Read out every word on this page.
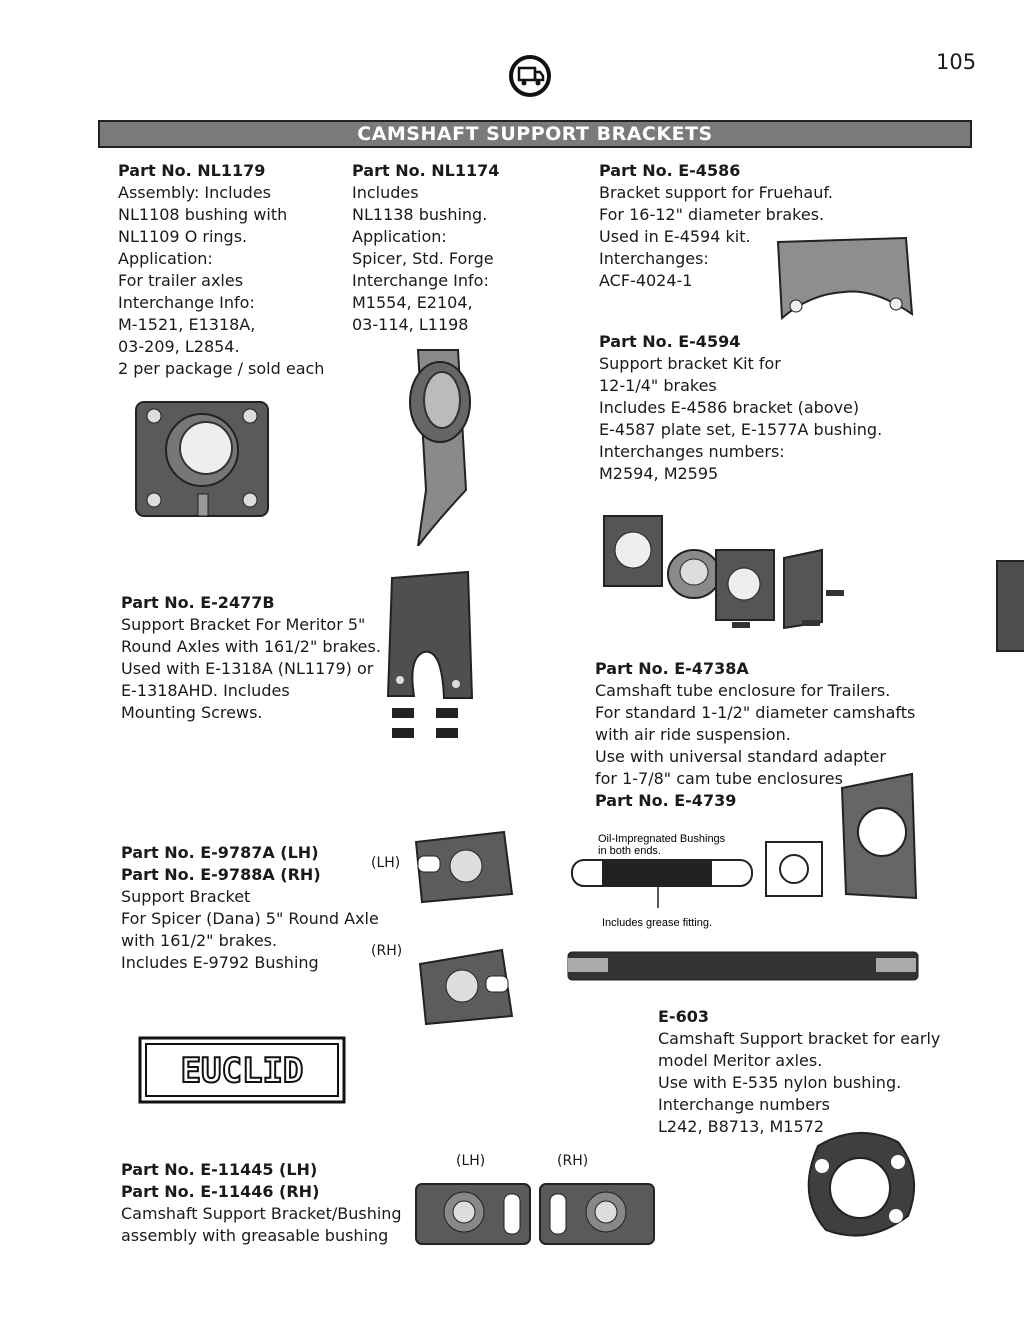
105
CAMSHAFT SUPPORT BRACKETS
Part No. NL1179
Assembly: Includes
NL1108 bushing with
NL1109 O rings.
Application:
For trailer axles
Interchange Info:
M-1521, E1318A,
03-209, L2854.
2 per package / sold each
Part No. NL1174
Includes
NL1138 bushing.
Application:
Spicer, Std. Forge
Interchange Info:
M1554, E2104,
03-114, L1198
Part No. E-4586
Bracket support for Fruehauf.
For 16-12" diameter brakes.
Used in E-4594 kit.
Interchanges:
ACF-4024-1
Part No. E-4594
Support bracket Kit for
12-1/4" brakes
Includes E-4586 bracket (above)
E-4587 plate set, E-1577A bushing.
Interchanges numbers:
M2594, M2595
Part No. E-2477B
Support Bracket For Meritor 5"
Round Axles with 161/2" brakes.
Used with E-1318A (NL1179) or
E-1318AHD. Includes
Mounting Screws.
Part No. E-4738A
Camshaft tube enclosure for Trailers.
For standard 1-1/2" diameter camshafts
with air ride suspension.
Use with universal standard adapter
for 1-7/8" cam tube enclosures
Part No. E-4739
Oil-Impregnated Bushings
in both ends.
Includes grease fitting.
Part No. E-9787A (LH)
Part No. E-9788A (RH)
Support Bracket
For Spicer (Dana) 5" Round Axle
with 161/2" brakes.
Includes E-9792 Bushing
(LH)
(RH)
EUCLID
E-603
Camshaft Support bracket for early
model Meritor axles.
Use with E-535 nylon bushing.
Interchange numbers
L242, B8713, M1572
Part No. E-11445 (LH)
Part No. E-11446 (RH)
Camshaft Support Bracket/Bushing
assembly with greasable bushing
(LH)	(RH)
